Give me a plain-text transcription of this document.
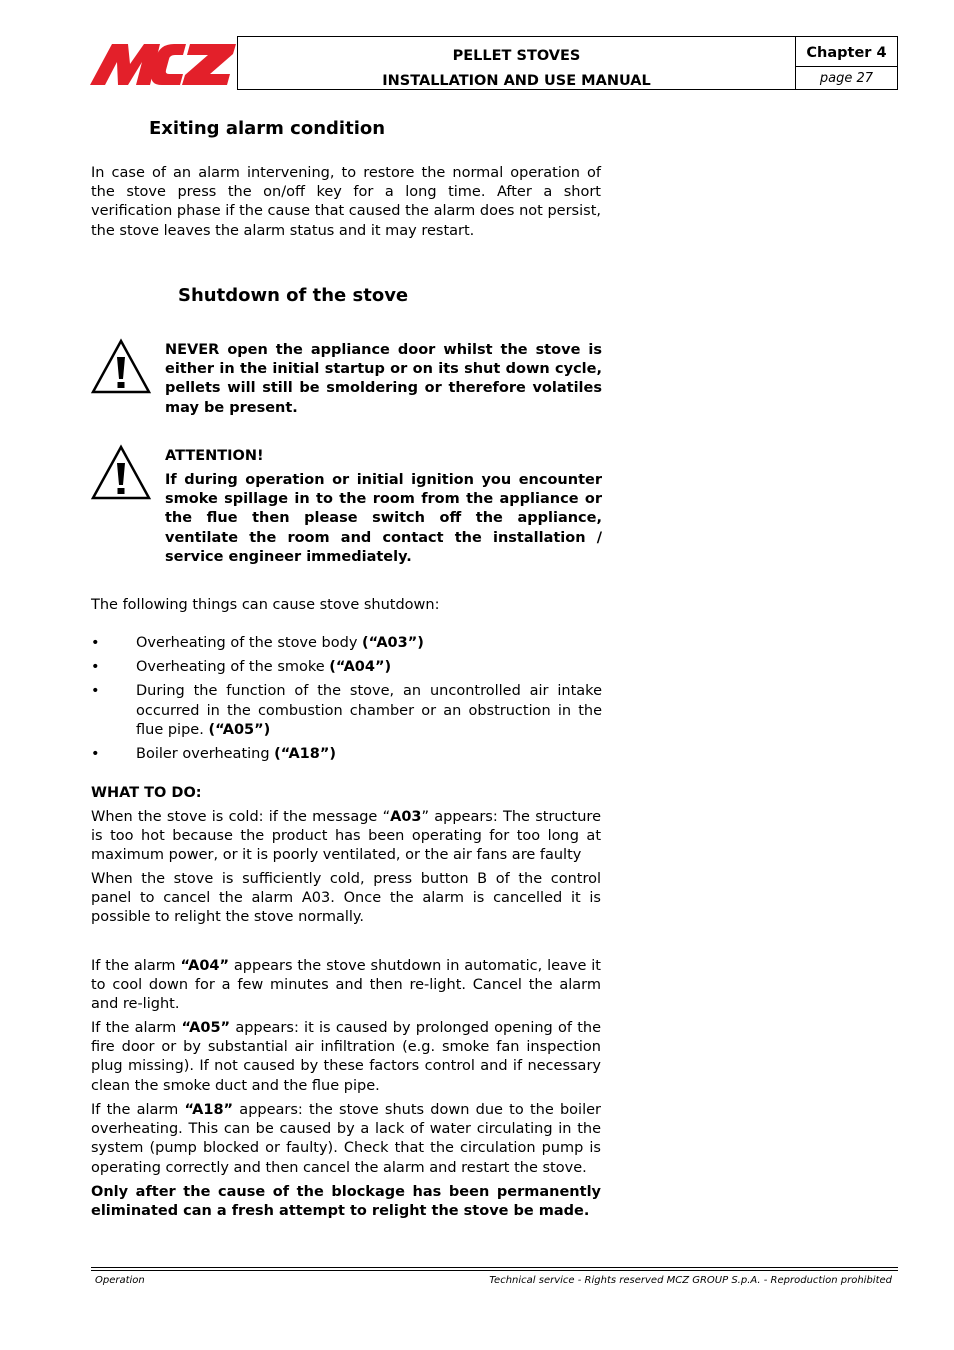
PELLET STOVES
INSTALLATION AND USE MANUAL
Chapter 4
page 27
Exiting alarm condition
In case of an alarm intervening, to restore the normal operation of the stove press the on/off key for a long time. After a short verification phase if the cause that caused the alarm does not persist, the stove leaves the alarm status and it may restart.
Shutdown of the stove
NEVER open the appliance door whilst the stove is either in the initial startup or on its shut down cycle, pellets will still be smoldering or therefore volatiles may be present.
ATTENTION!
If during operation or initial ignition you encounter smoke spillage in to the room from the appliance or the flue then please switch off the appliance, ventilate the room and contact the installation / service engineer immediately.
The following things can cause stove shutdown:
•	Overheating of the stove body (“A03”)
•	Overheating of the smoke (“A04”)
•	During the function of the stove, an uncontrolled air intake occurred in the combustion chamber or an obstruction in the flue pipe. (“A05”)
•	Boiler overheating (“A18”)
WHAT TO DO:
When the stove is cold: if the message “A03” appears: The structure is too hot because the product has been operating for too long at maximum power, or it is poorly ventilated, or the air fans are faulty
When the stove is sufficiently cold, press button B of the control panel to cancel the alarm A03. Once the alarm is cancelled it is possible to relight the stove normally.
If the alarm “A04” appears the stove shutdown in automatic, leave it to cool down for a few minutes and then re-light. Cancel the alarm and re-light.
If the alarm “A05” appears: it is caused by prolonged opening of the fire door or by substantial air infiltration (e.g. smoke fan inspection plug missing). If not caused by these factors control and if necessary clean the smoke duct and the flue pipe.
If the alarm “A18” appears: the stove shuts down due to the boiler overheating. This can be caused by a lack of water circulating in the system (pump blocked or faulty). Check that the circulation pump is operating correctly and then cancel the alarm and restart the stove.
Only after the cause of the blockage has been permanently eliminated can a fresh attempt to relight the stove be made.
Operation	Technical service - Rights reserved MCZ GROUP S.p.A. - Reproduction prohibited
